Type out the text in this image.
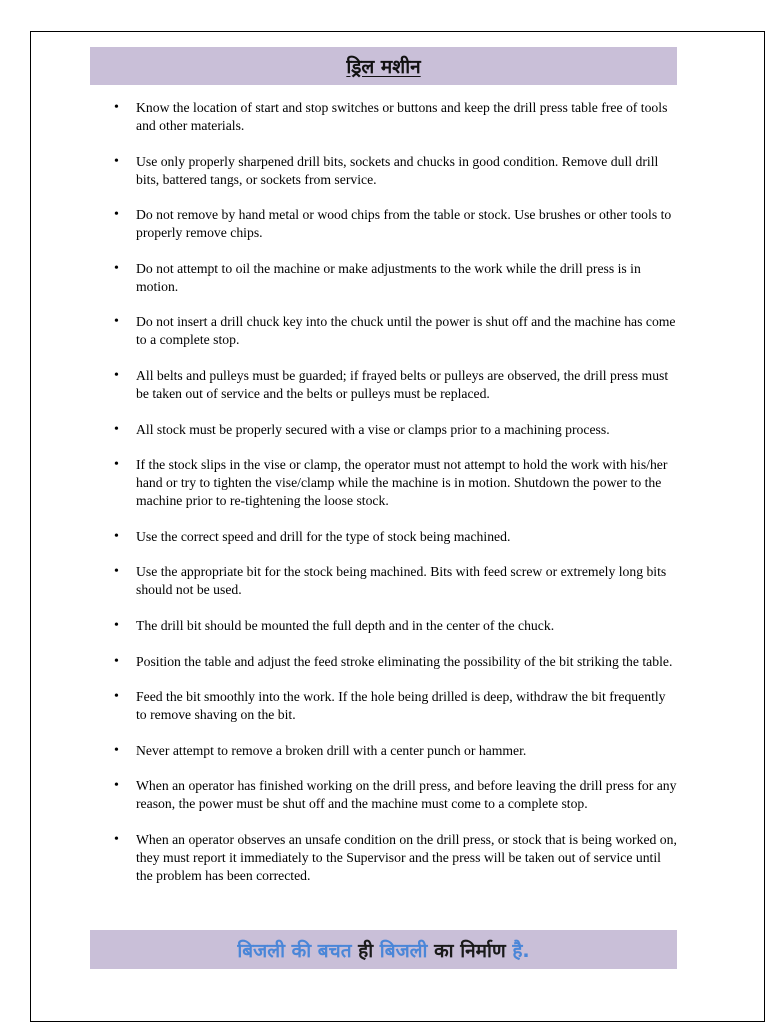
ड्रिल मशीन
• Know the location of start and stop switches or buttons and keep the drill press table free of tools and other materials.
• Use only properly sharpened drill bits, sockets and chucks in good condition. Remove dull drill bits, battered tangs, or sockets from service.
• Do not remove by hand metal or wood chips from the table or stock. Use brushes or other tools to properly remove chips.
• Do not attempt to oil the machine or make adjustments to the work while the drill press is in motion.
• Do not insert a drill chuck key into the chuck until the power is shut off and the machine has come to a complete stop.
• All belts and pulleys must be guarded; if frayed belts or pulleys are observed, the drill press must be taken out of service and the belts or pulleys must be replaced.
• All stock must be properly secured with a vise or clamps prior to a machining process.
• If the stock slips in the vise or clamp, the operator must not attempt to hold the work with his/her hand or try to tighten the vise/clamp while the machine is in motion. Shutdown the power to the machine prior to re-tightening the loose stock.
• Use the correct speed and drill for the type of stock being machined.
• Use the appropriate bit for the stock being machined. Bits with feed screw or extremely long bits should not be used.
• The drill bit should be mounted the full depth and in the center of the chuck.
• Position the table and adjust the feed stroke eliminating the possibility of the bit striking the table.
• Feed the bit smoothly into the work. If the hole being drilled is deep, withdraw the bit frequently to remove shaving on the bit.
• Never attempt to remove a broken drill with a center punch or hammer.
• When an operator has finished working on the drill press, and before leaving the drill press for any reason, the power must be shut off and the machine must come to a complete stop.
• When an operator observes an unsafe condition on the drill press, or stock that is being worked on, they must report it immediately to the Supervisor and the press will be taken out of service until the problem has been corrected.
बिजली की बचत ही बिजली का निर्माण है.
